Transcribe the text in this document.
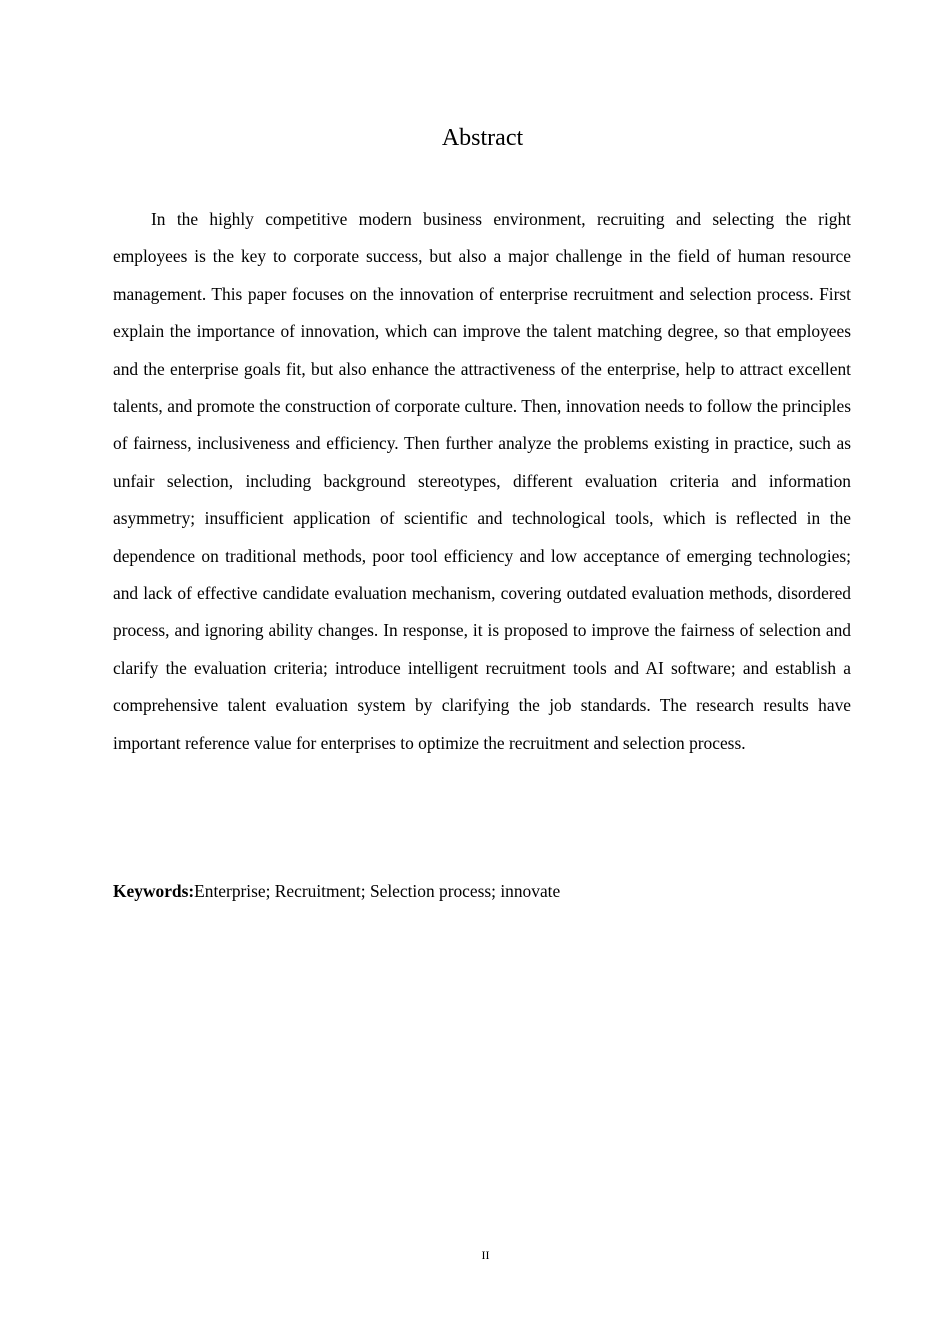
Abstract

In the highly competitive modern business environment, recruiting and selecting the right employees is the key to corporate success, but also a major challenge in the field of human resource management. This paper focuses on the innovation of enterprise recruitment and selection process. First explain the importance of innovation, which can improve the talent matching degree, so that employees and the enterprise goals fit, but also enhance the attractiveness of the enterprise, help to attract excellent talents, and promote the construction of corporate culture. Then, innovation needs to follow the principles of fairness, inclusiveness and efficiency. Then further analyze the problems existing in practice, such as unfair selection, including background stereotypes, different evaluation criteria and information asymmetry; insufficient application of scientific and technological tools, which is reflected in the dependence on traditional methods, poor tool efficiency and low acceptance of emerging technologies; and lack of effective candidate evaluation mechanism, covering outdated evaluation methods, disordered process, and ignoring ability changes. In response, it is proposed to improve the fairness of selection and clarify the evaluation criteria; introduce intelligent recruitment tools and AI software; and establish a comprehensive talent evaluation system by clarifying the job standards. The research results have important reference value for enterprises to optimize the recruitment and selection process.

Keywords:Enterprise; Recruitment; Selection process; innovate

II
